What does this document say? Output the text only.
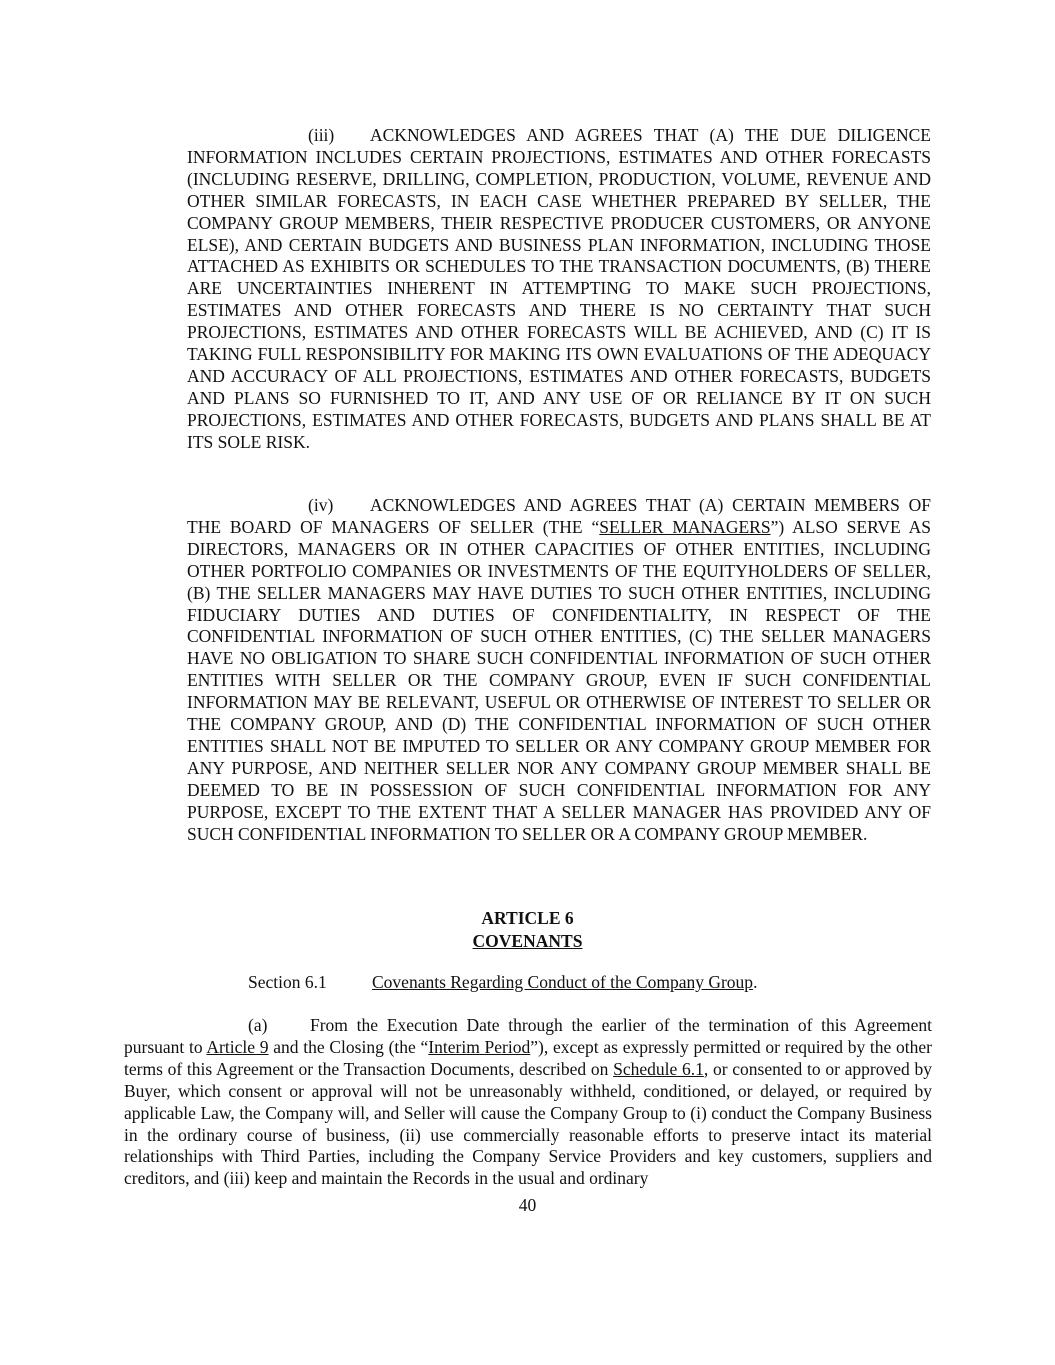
(iii) ACKNOWLEDGES AND AGREES THAT (A) THE DUE DILIGENCE INFORMATION INCLUDES CERTAIN PROJECTIONS, ESTIMATES AND OTHER FORECASTS (INCLUDING RESERVE, DRILLING, COMPLETION, PRODUCTION, VOLUME, REVENUE AND OTHER SIMILAR FORECASTS, IN EACH CASE WHETHER PREPARED BY SELLER, THE COMPANY GROUP MEMBERS, THEIR RESPECTIVE PRODUCER CUSTOMERS, OR ANYONE ELSE), AND CERTAIN BUDGETS AND BUSINESS PLAN INFORMATION, INCLUDING THOSE ATTACHED AS EXHIBITS OR SCHEDULES TO THE TRANSACTION DOCUMENTS, (B) THERE ARE UNCERTAINTIES INHERENT IN ATTEMPTING TO MAKE SUCH PROJECTIONS, ESTIMATES AND OTHER FORECASTS AND THERE IS NO CERTAINTY THAT SUCH PROJECTIONS, ESTIMATES AND OTHER FORECASTS WILL BE ACHIEVED, AND (C) IT IS TAKING FULL RESPONSIBILITY FOR MAKING ITS OWN EVALUATIONS OF THE ADEQUACY AND ACCURACY OF ALL PROJECTIONS, ESTIMATES AND OTHER FORECASTS, BUDGETS AND PLANS SO FURNISHED TO IT, AND ANY USE OF OR RELIANCE BY IT ON SUCH PROJECTIONS, ESTIMATES AND OTHER FORECASTS, BUDGETS AND PLANS SHALL BE AT ITS SOLE RISK.

(iv) ACKNOWLEDGES AND AGREES THAT (A) CERTAIN MEMBERS OF THE BOARD OF MANAGERS OF SELLER (THE “SELLER MANAGERS”) ALSO SERVE AS DIRECTORS, MANAGERS OR IN OTHER CAPACITIES OF OTHER ENTITIES, INCLUDING OTHER PORTFOLIO COMPANIES OR INVESTMENTS OF THE EQUITYHOLDERS OF SELLER, (B) THE SELLER MANAGERS MAY HAVE DUTIES TO SUCH OTHER ENTITIES, INCLUDING FIDUCIARY DUTIES AND DUTIES OF CONFIDENTIALITY, IN RESPECT OF THE CONFIDENTIAL INFORMATION OF SUCH OTHER ENTITIES, (C) THE SELLER MANAGERS HAVE NO OBLIGATION TO SHARE SUCH CONFIDENTIAL INFORMATION OF SUCH OTHER ENTITIES WITH SELLER OR THE COMPANY GROUP, EVEN IF SUCH CONFIDENTIAL INFORMATION MAY BE RELEVANT, USEFUL OR OTHERWISE OF INTEREST TO SELLER OR THE COMPANY GROUP, AND (D) THE CONFIDENTIAL INFORMATION OF SUCH OTHER ENTITIES SHALL NOT BE IMPUTED TO SELLER OR ANY COMPANY GROUP MEMBER FOR ANY PURPOSE, AND NEITHER SELLER NOR ANY COMPANY GROUP MEMBER SHALL BE DEEMED TO BE IN POSSESSION OF SUCH CONFIDENTIAL INFORMATION FOR ANY PURPOSE, EXCEPT TO THE EXTENT THAT A SELLER MANAGER HAS PROVIDED ANY OF SUCH CONFIDENTIAL INFORMATION TO SELLER OR A COMPANY GROUP MEMBER.

ARTICLE 6
COVENANTS
Section 6.1	Covenants Regarding Conduct of the Company Group.

(a) From the Execution Date through the earlier of the termination of this Agreement pursuant to Article 9 and the Closing (the “Interim Period”), except as expressly permitted or required by the other terms of this Agreement or the Transaction Documents, described on Schedule 6.1, or consented to or approved by Buyer, which consent or approval will not be unreasonably withheld, conditioned, or delayed, or required by applicable Law, the Company will, and Seller will cause the Company Group to (i) conduct the Company Business in the ordinary course of business, (ii) use commercially reasonable efforts to preserve intact its material relationships with Third Parties, including the Company Service Providers and key customers, suppliers and creditors, and (iii) keep and maintain the Records in the usual and ordinary

40
